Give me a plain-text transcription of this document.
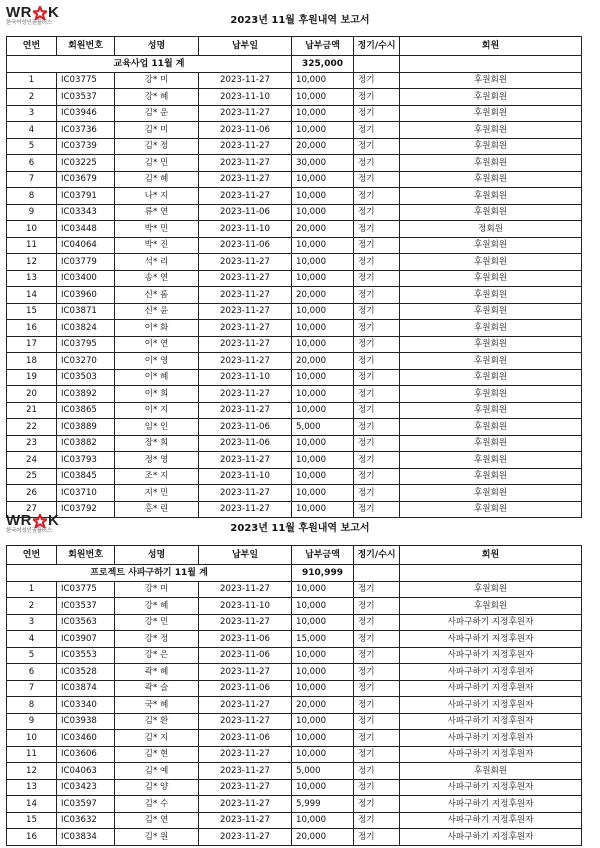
WR K
한국여성인권플러스	2023년 11월 후원내역 보고서
연번	회원번호	성명	납부일	납부금액	정기/수시	회원
교육사업 11월 계				325,000		
1	IC03775	강* 미	2023-11-27	10,000	정기	후원회원
2	IC03537	강* 혜	2023-11-10	10,000	정기	후원회원
3	IC03946	김* 운	2023-11-27	10,000	정기	후원회원
4	IC03736	김* 미	2023-11-06	10,000	정기	후원회원
5	IC03739	김* 정	2023-11-27	20,000	정기	후원회원
6	IC03225	김* 민	2023-11-27	30,000	정기	후원회원
7	IC03679	김* 혜	2023-11-27	10,000	정기	후원회원
8	IC03791	나* 지	2023-11-27	10,000	정기	후원회원
9	IC03343	류* 연	2023-11-06	10,000	정기	후원회원
10	IC03448	박* 민	2023-11-10	20,000	정기	정회원
11	IC04064	박* 진	2023-11-06	10,000	정기	후원회원
12	IC03779	석* 리	2023-11-27	10,000	정기	후원회원
13	IC03400	송* 연	2023-11-27	10,000	정기	후원회원
14	IC03960	신* 롬	2023-11-27	20,000	정기	후원회원
15	IC03871	신* 윤	2023-11-27	10,000	정기	후원회원
16	IC03824	이* 화	2023-11-27	10,000	정기	후원회원
17	IC03795	이* 연	2023-11-27	10,000	정기	후원회원
18	IC03270	이* 영	2023-11-27	20,000	정기	후원회원
19	IC03503	이* 혜	2023-11-10	10,000	정기	후원회원
20	IC03892	이* 희	2023-11-27	10,000	정기	후원회원
21	IC03865	이* 지	2023-11-27	10,000	정기	후원회원
22	IC03889	임* 인	2023-11-06	5,000	정기	후원회원
23	IC03882	장* 희	2023-11-06	10,000	정기	후원회원
24	IC03793	정* 영	2023-11-27	10,000	정기	후원회원
25	IC03845	조* 지	2023-11-10	10,000	정기	후원회원
26	IC03710	지* 민	2023-11-27	10,000	정기	후원회원
27	IC03792	홍* 린	2023-11-27	10,000	정기	후원회원
WR K
한국여성인권플러스	2023년 11월 후원내역 보고서
연번	회원번호	성명	납부일	납부금액	정기/수시	회원
프로젝트 사파구하기 11월 계				910,999		
1	IC03775	강* 미	2023-11-27	10,000	정기	후원회원
2	IC03537	강* 혜	2023-11-10	10,000	정기	후원회원
3	IC03563	강* 민	2023-11-27	10,000	정기	사파구하기 지정후원자
4	IC03907	강* 정	2023-11-06	15,000	정기	사파구하기 지정후원자
5	IC03553	강* 은	2023-11-06	10,000	정기	사파구하기 지정후원자
6	IC03528	곽* 혜	2023-11-27	10,000	정기	사파구하기 지정후원자
7	IC03874	곽* 슬	2023-11-06	10,000	정기	사파구하기 지정후원자
8	IC03340	국* 혜	2023-11-27	20,000	정기	사파구하기 지정후원자
9	IC03938	김* 환	2023-11-27	10,000	정기	사파구하기 지정후원자
10	IC03460	김* 지	2023-11-06	10,000	정기	사파구하기 지정후원자
11	IC03606	김* 현	2023-11-27	10,000	정기	사파구하기 지정후원자
12	IC04063	김* 예	2023-11-27	5,000	정기	후원회원
13	IC03423	김* 양	2023-11-27	10,000	정기	사파구하기 지정후원자
14	IC03597	김* 수	2023-11-27	5,999	정기	사파구하기 지정후원자
15	IC03632	김* 연	2023-11-27	10,000	정기	사파구하기 지정후원자
16	IC03834	김* 원	2023-11-27	20,000	정기	사파구하기 지정후원자
